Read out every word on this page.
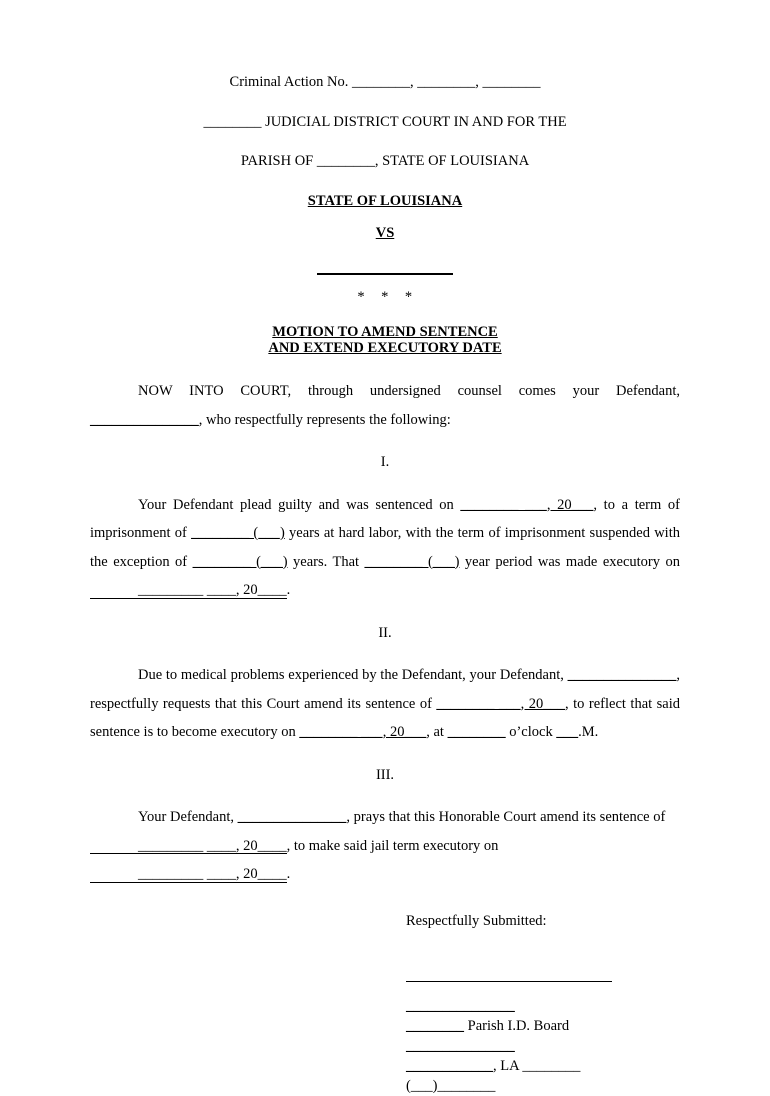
Criminal Action No. ________, ________, ________
________ JUDICIAL DISTRICT COURT IN AND FOR THE
PARISH OF ________, STATE OF LOUISIANA
STATE OF LOUISIANA
VS
* * *
MOTION TO AMEND SENTENCE
AND EXTEND EXECUTORY DATE

NOW INTO COURT, through undersigned counsel comes your Defendant, _______________, who respectfully represents the following:

I.

Your Defendant plead guilty and was sentenced on ________ ___, 20___, to a term of imprisonment of ________ (___) years at hard labor, with the term of imprisonment suspended with the exception of ________ (___) years. That ________ (___) year period was made executory on _________ ____, 20____.

II.

Due to medical problems experienced by the Defendant, your Defendant, _______________, respectfully requests that this Court amend its sentence of ________ ___, 20___, to reflect that said sentence is to become executory on ________ ___, 20___, at ________ o’clock ___.M.

III.

Your Defendant, _______________, prays that this Honorable Court amend its sentence of _________ ____, 20____, to make said jail term executory on _________ ____, 20____.

Respectfully Submitted:
_______________
________ Parish I.D. Board
_______________
____________, LA ________
(___)________
